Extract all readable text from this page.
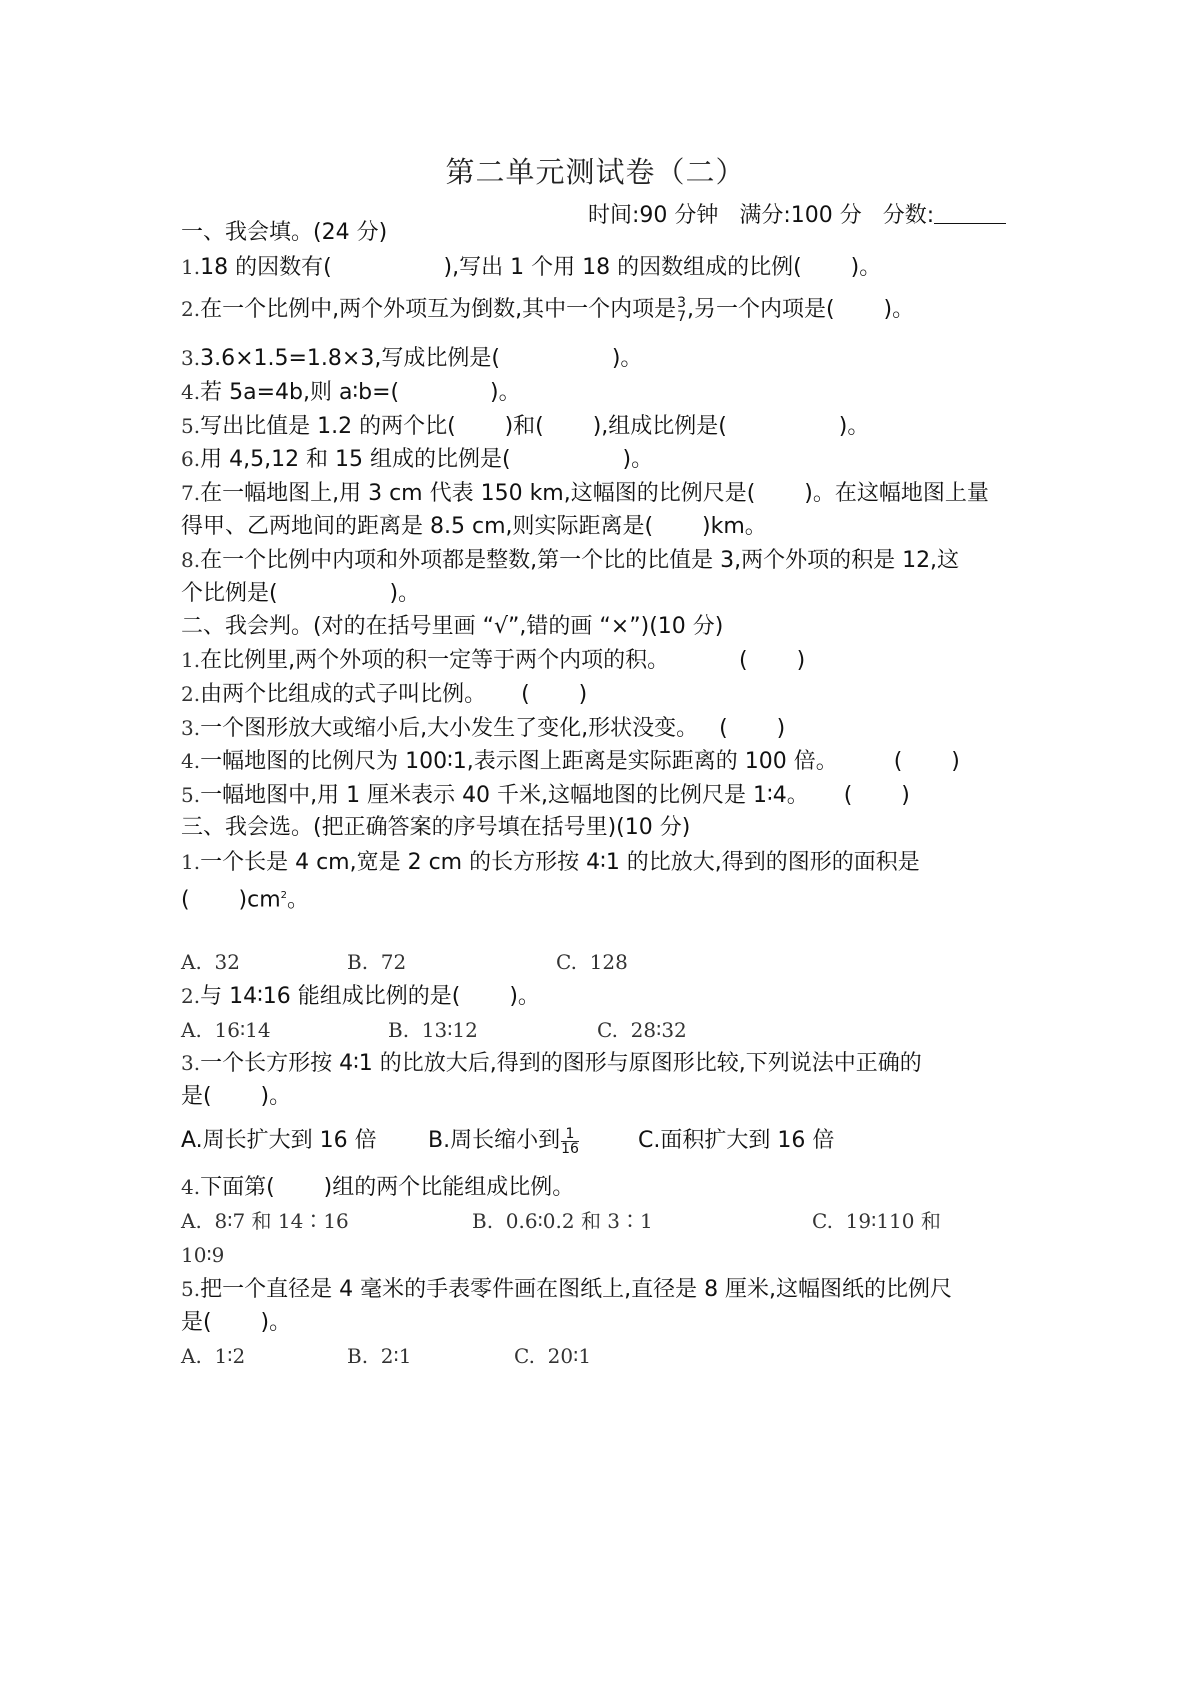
第二单元测试卷（二）
时间:90 分钟 满分:100 分 分数:
一、我会填。(24 分)
1.18 的因数有(                ),写出 1 个用 18 的因数组成的比例(       )。
2.在一个比例中,两个外项互为倒数,其中一个内项是 3
7 ,另一个内项是(       )。
3.3.6×1.5=1.8×3,写成比例是(                )。
4.若 5a=4b,则 a∶b=(             )。
5.写出比值是 1.2 的两个比(       )和(       ),组成比例是(                )。
6.用 4,5,12 和 15 组成的比例是(                )。
7.在一幅地图上,用 3 cm 代表 150 km,这幅图的比例尺是(       )。在这幅地图上量
得甲、乙两地间的距离是 8.5 cm,则实际距离是(       )km。
8.在一个比例中内项和外项都是整数,第一个比的比值是 3,两个外项的积是 12,这
个比例是(                )。
二、我会判。(对的在括号里画 “√”,错的画 “×”)(10 分)
1.在比例里,两个外项的积一定等于两个内项的积。	(       )
2.由两个比组成的式子叫比例。 (       )
3.一个图形放大或缩小后,大小发生了变化,形状没变。 (       )
4.一幅地图的比例尺为 100∶1,表示图上距离是实际距离的 100 倍。	(       )
5.一幅地图中,用 1 厘米表示 40 千米,这幅地图的比例尺是 1∶4。 (       )
三、我会选。(把正确答案的序号填在括号里)(10 分)
1.一个长是 4 cm,宽是 2 cm 的长方形按 4∶1 的比放大,得到的图形的面积是
(       )$cm^2$。
A.  32	B.  72	C.  128
2.与 14∶16 能组成比例的是(       )。
A.  16∶14	B.  13∶12	C.  28∶32
3.一个长方形按 4∶1 的比放大后,得到的图形与原图形比较,下列说法中正确的
是(       )。
A.周长扩大到 16 倍 B.周长缩小到 $\frac{1}{16}$	C.面积扩大到 16 倍
4.下面第(       )组的两个比能组成比例。
A.  8∶7 和 14∶16	B.  0.6∶0.2 和 3∶1	C.  19∶110 和
10∶9
5.把一个直径是 4 毫米的手表零件画在图纸上,直径是 8 厘米,这幅图纸的比例尺
是(       )。
A.  1∶2	B.  2∶1	C.  20∶1
